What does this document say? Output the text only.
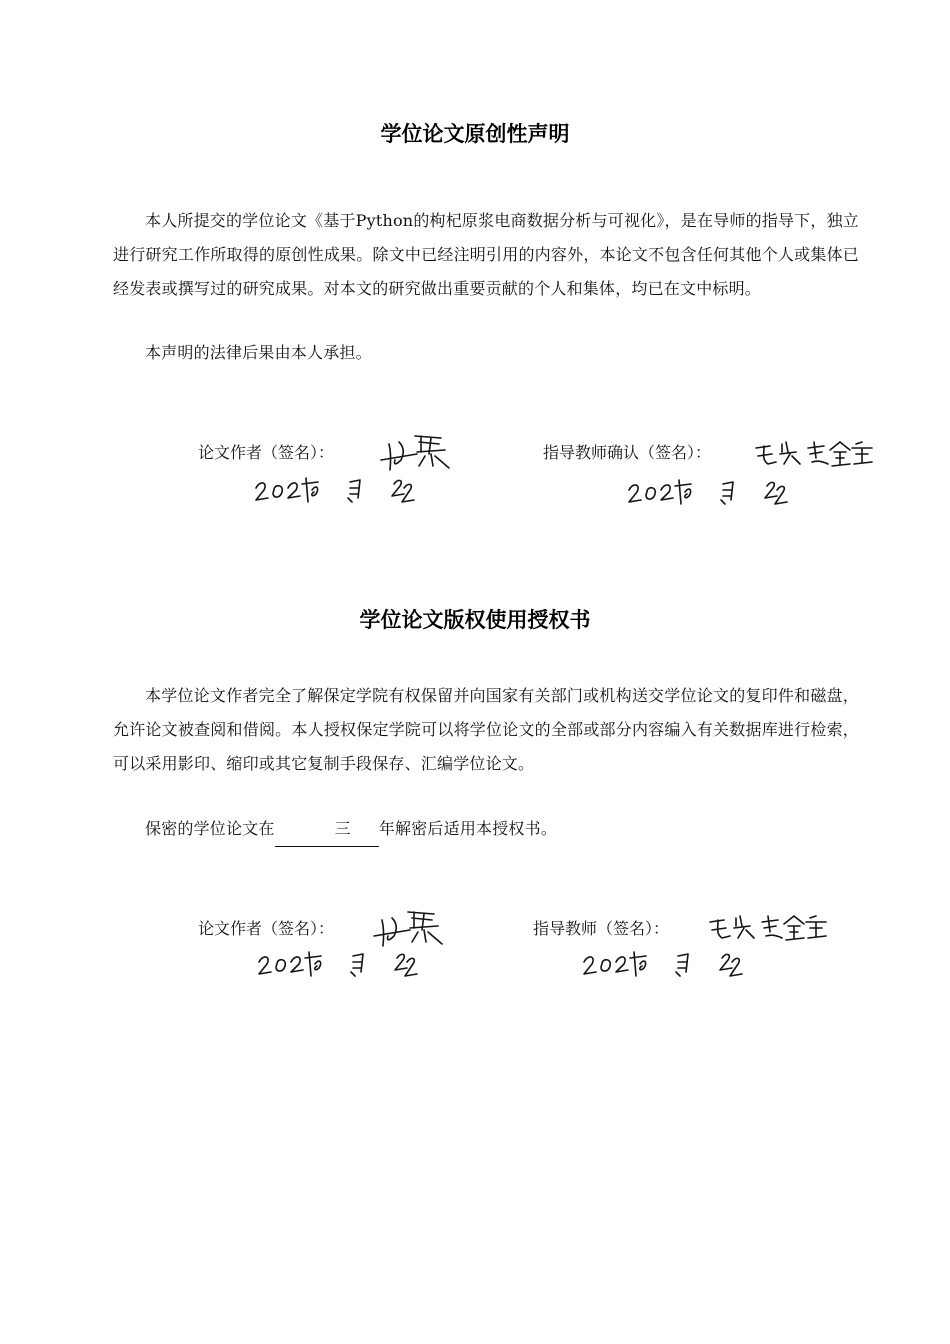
学位论文原创性声明

本人所提交的学位论文《基于Python的枸杞原浆电商数据分析与可视化》，是在导师的指导下，独立进行研究工作所取得的原创性成果。除文中已经注明引用的内容外，本论文不包含任何其他个人或集体已经发表或撰写过的研究成果。对本文的研究做出重要贡献的个人和集体，均已在文中标明。

本声明的法律后果由本人承担。

论文作者（签名）：	指导教师确认（签名）：
学位论文版权使用授权书

本学位论文作者完全了解保定学院有权保留并向国家有关部门或机构送交学位论文的复印件和磁盘，允许论文被查阅和借阅。本人授权保定学院可以将学位论文的全部或部分内容编入有关数据库进行检索，可以采用影印、缩印或其它复制手段保存、汇编学位论文。

保密的学位论文在	三 年解密后适用本授权书。

论文作者（签名）：	指导教师（签名）：
